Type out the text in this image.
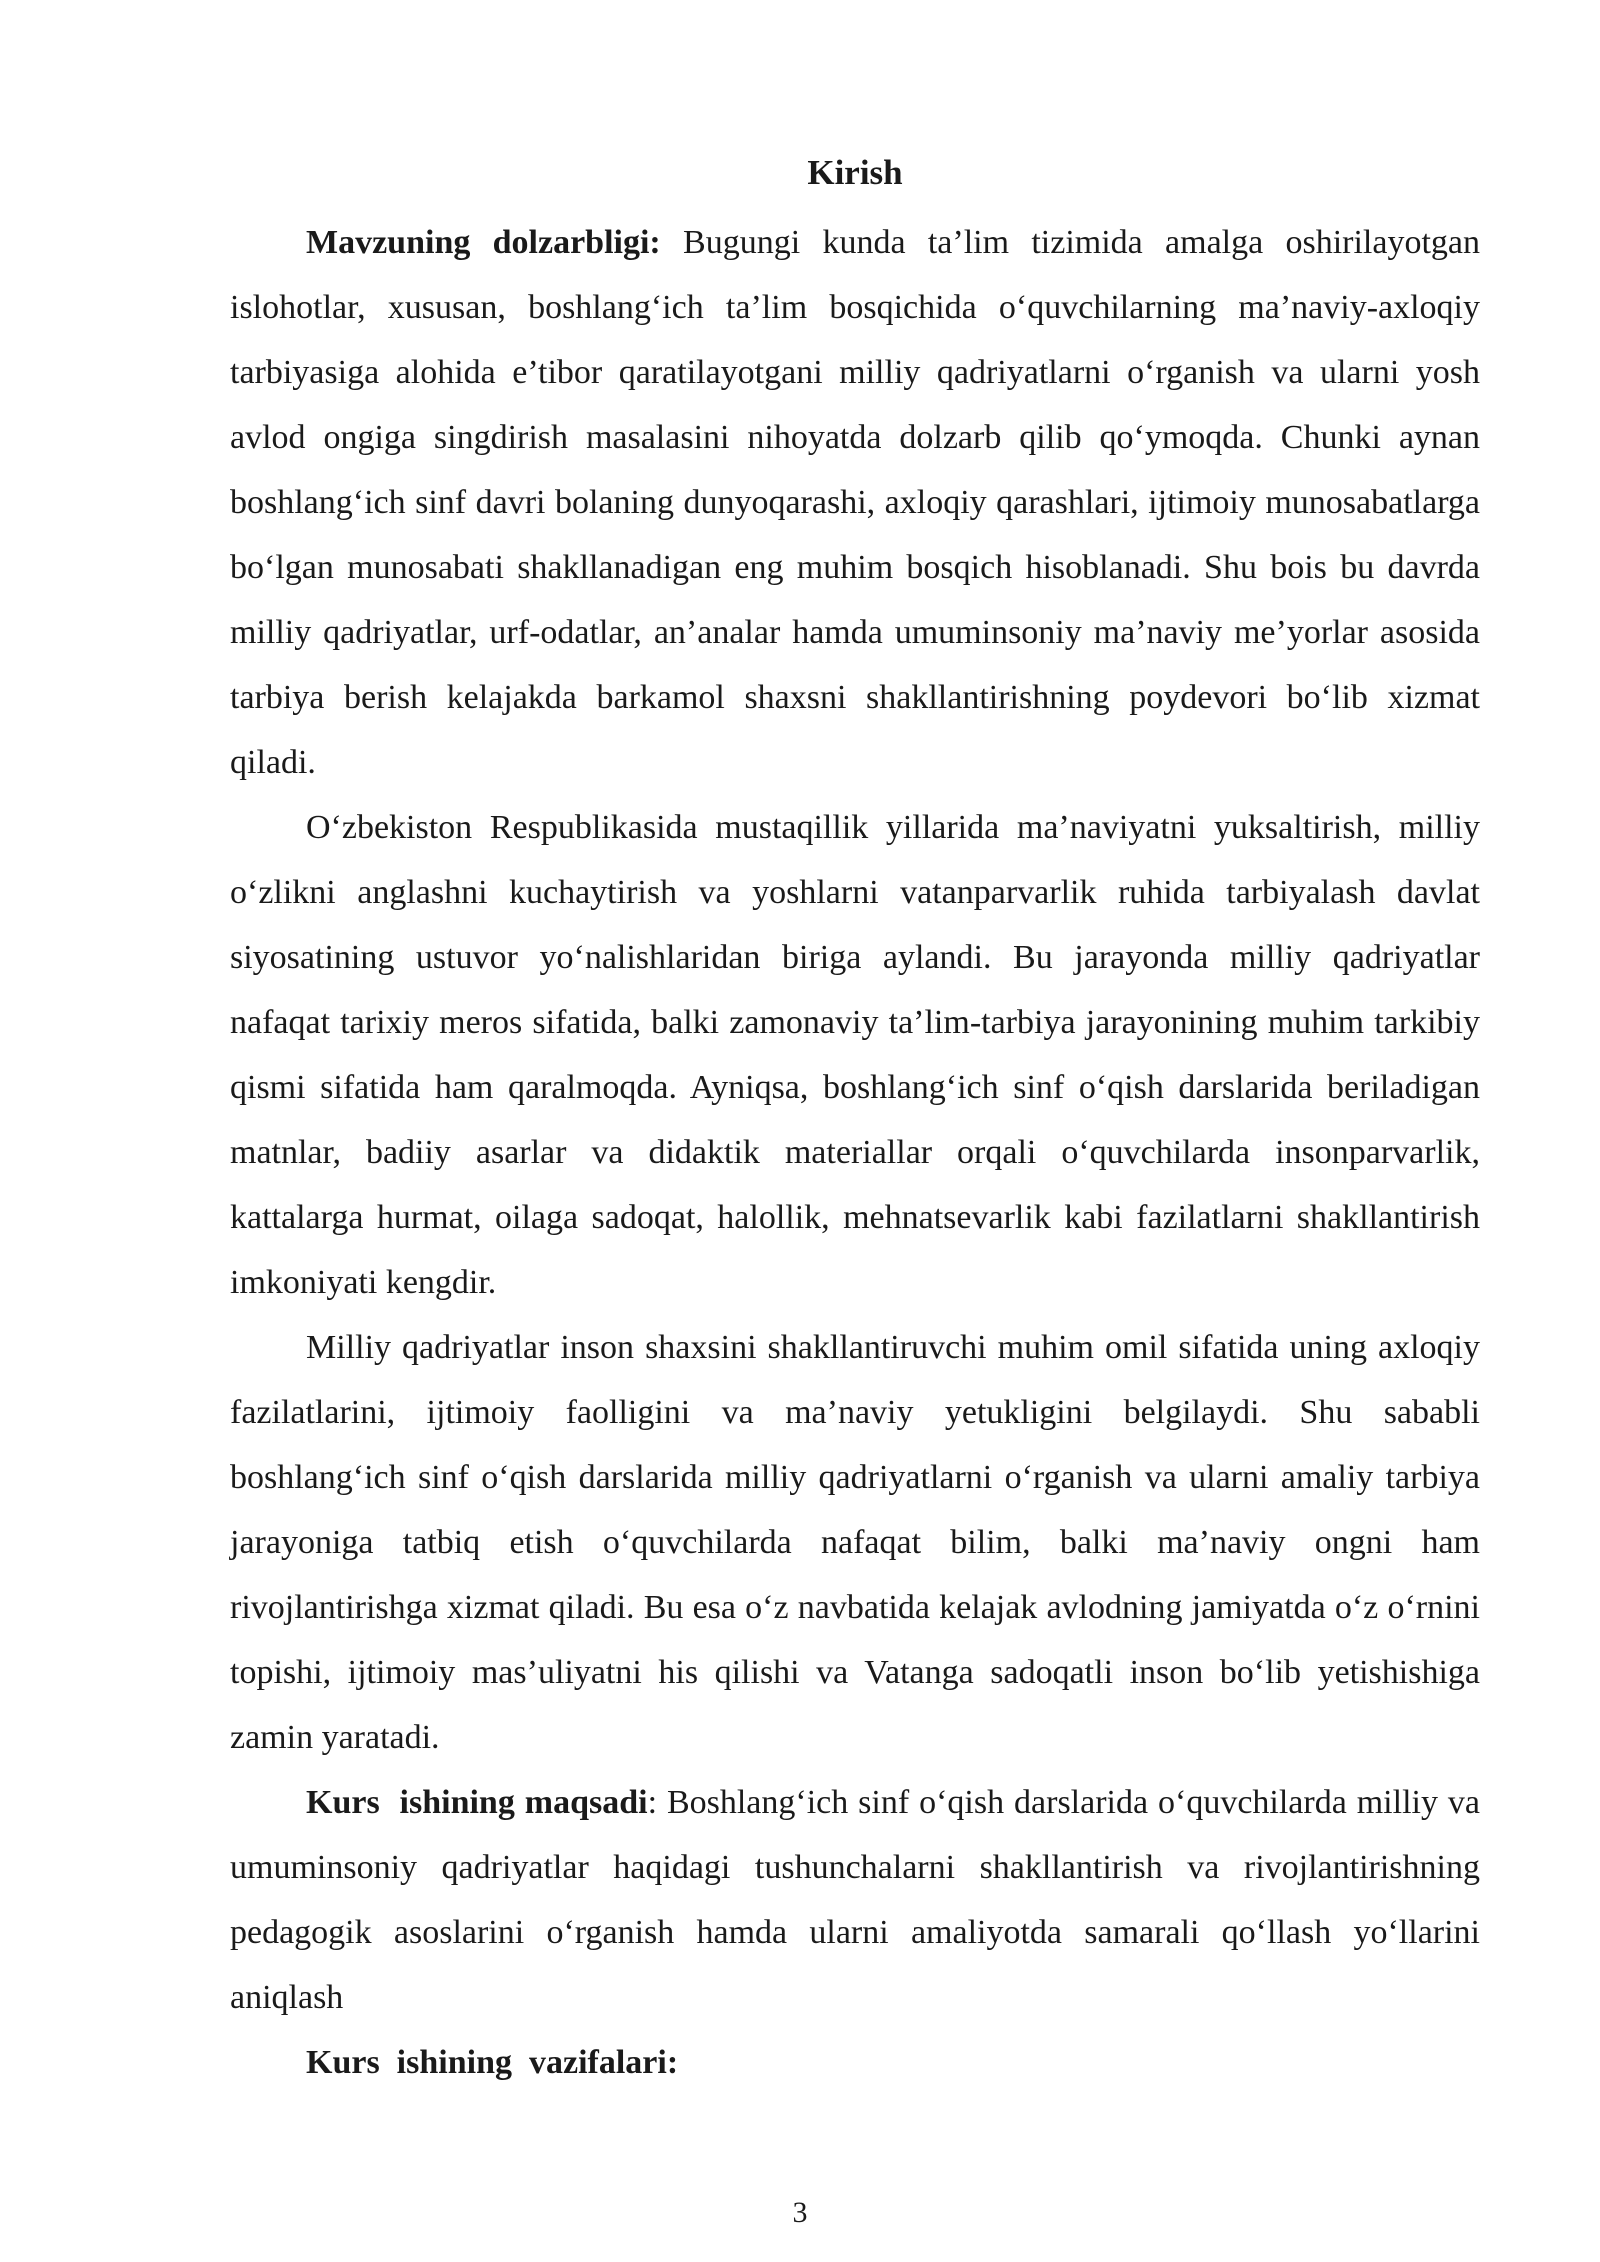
Kirish

Mavzuning dolzarbligi: Bugungi kunda ta’lim tizimida amalga oshirilayotgan islohotlar, xususan, boshlang‘ich ta’lim bosqichida o‘quvchilarning ma’naviy-axloqiy tarbiyasiga alohida e’tibor qaratilayotgani milliy qadriyatlarni o‘rganish va ularni yosh avlod ongiga singdirish masalasini nihoyatda dolzarb qilib qo‘ymoqda. Chunki aynan boshlang‘ich sinf davri bolaning dunyoqarashi, axloqiy qarashlari, ijtimoiy munosabatlarga bo‘lgan munosabati shakllanadigan eng muhim bosqich hisoblanadi. Shu bois bu davrda milliy qadriyatlar, urf-odatlar, an’analar hamda umuminsoniy ma’naviy me’yorlar asosida tarbiya berish kelajakda barkamol shaxsni shakllantirishning poydevori bo‘lib xizmat qiladi.

O‘zbekiston Respublikasida mustaqillik yillarida ma’naviyatni yuksaltirish, milliy o‘zlikni anglashni kuchaytirish va yoshlarni vatanparvarlik ruhida tarbiyalash davlat siyosatining ustuvor yo‘nalishlaridan biriga aylandi. Bu jarayonda milliy qadriyatlar nafaqat tarixiy meros sifatida, balki zamonaviy ta’lim-tarbiya jarayonining muhim tarkibiy qismi sifatida ham qaralmoqda. Ayniqsa, boshlang‘ich sinf o‘qish darslarida beriladigan matnlar, badiiy asarlar va didaktik materiallar orqali o‘quvchilarda insonparvarlik, kattalarga hurmat, oilaga sadoqat, halollik, mehnatsevarlik kabi fazilatlarni shakllantirish imkoniyati kengdir.

Milliy qadriyatlar inson shaxsini shakllantiruvchi muhim omil sifatida uning axloqiy fazilatlarini, ijtimoiy faolligini va ma’naviy yetukligini belgilaydi. Shu sababli boshlang‘ich sinf o‘qish darslarida milliy qadriyatlarni o‘rganish va ularni amaliy tarbiya jarayoniga tatbiq etish o‘quvchilarda nafaqat bilim, balki ma’naviy ongni ham rivojlantirishga xizmat qiladi. Bu esa o‘z navbatida kelajak avlodning jamiyatda o‘z o‘rnini topishi, ijtimoiy mas’uliyatni his qilishi va Vatanga sadoqatli inson bo‘lib yetishishiga zamin yaratadi.

Kurs  ishining maqsadi: Boshlang‘ich sinf o‘qish darslarida o‘quvchilarda milliy va umuminsoniy qadriyatlar haqidagi tushunchalarni shakllantirish va rivojlantirishning pedagogik asoslarini o‘rganish hamda ularni amaliyotda samarali qo‘llash yo‘llarini aniqlash

Kurs  ishining  vazifalari:

3
